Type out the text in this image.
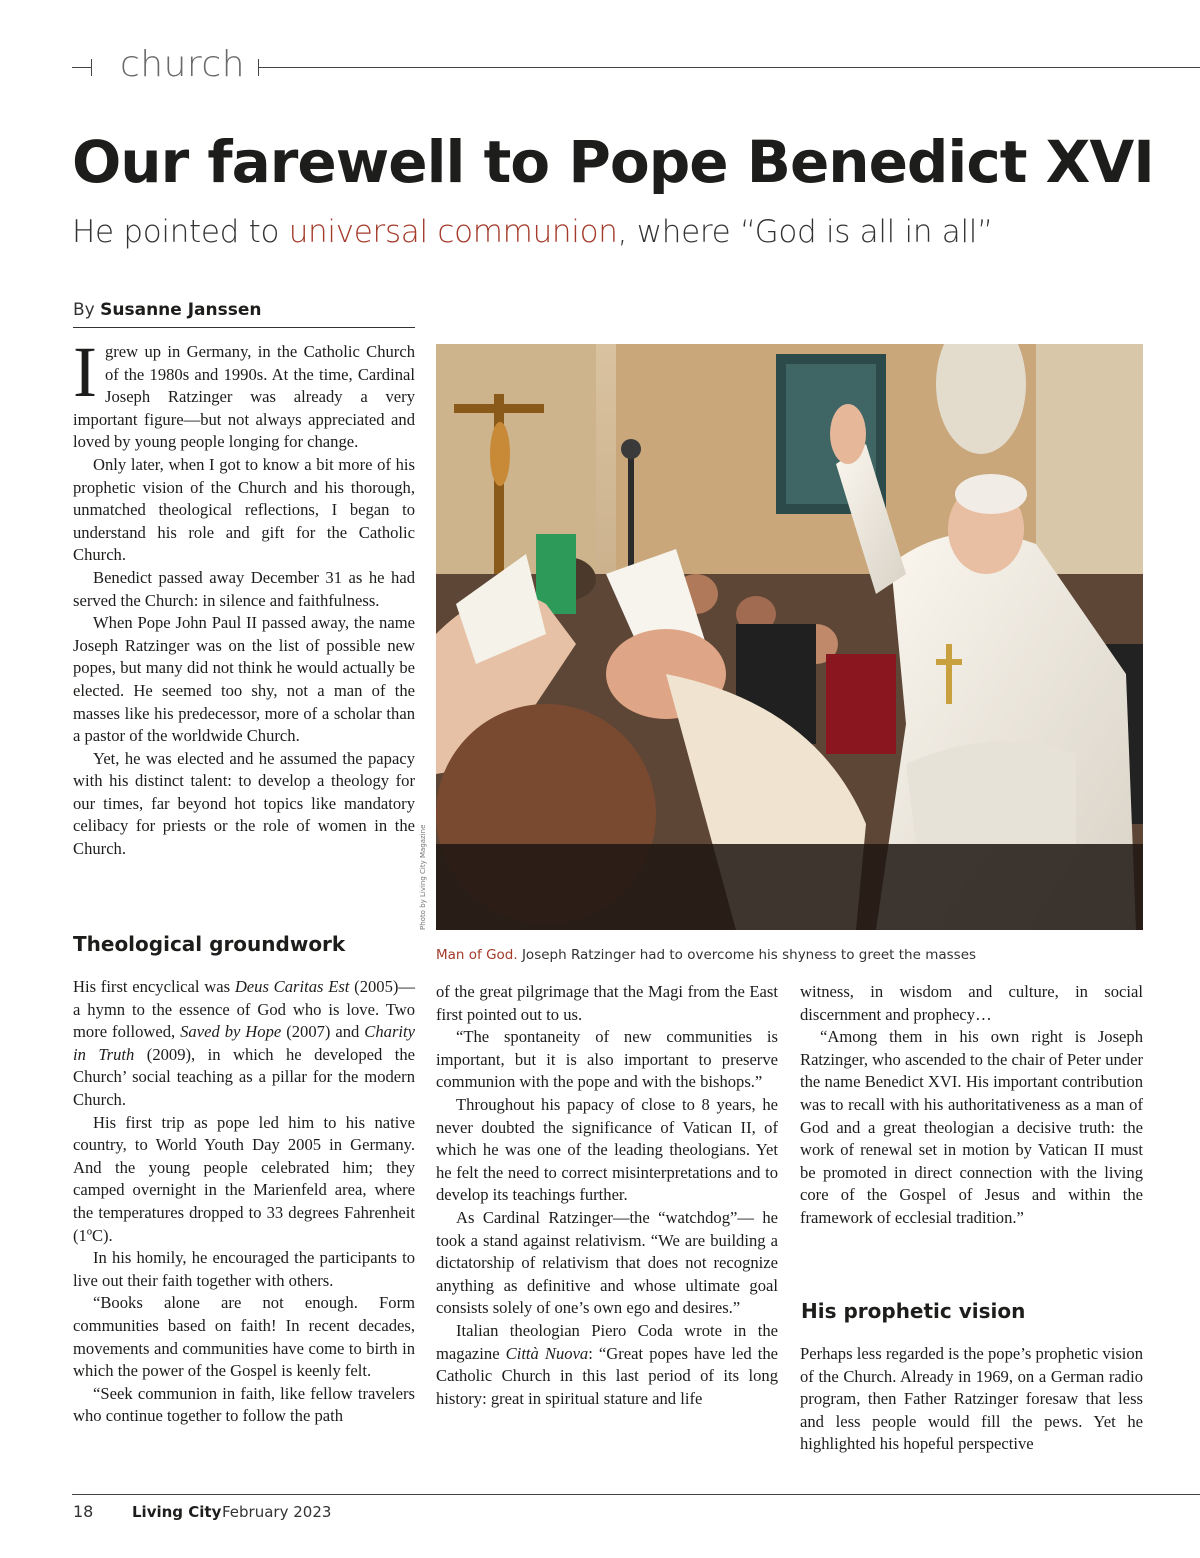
church
Our farewell to Pope Benedict XVI
He pointed to universal communion, where “God is all in all”
By Susanne Janssen

Igrew up in Germany, in the Catholic Church of the 1980s and 1990s. At the time, Cardinal Joseph Ratzinger was already a very important figure—but not always appreciated and loved by young people longing for change.

Only later, when I got to know a bit more of his prophetic vision of the Church and his thorough, unmatched theological reflections, I began to understand his role and gift for the Catholic Church.

Benedict passed away December 31 as he had served the Church: in silence and faithfulness.

When Pope John Paul II passed away, the name Joseph Ratzinger was on the list of possible new popes, but many did not think he would actually be elected. He seemed too shy, not a man of the masses like his predecessor, more of a scholar than a pastor of the worldwide Church.

Yet, he was elected and he assumed the papacy with his distinct talent: to develop a theology for our times, far beyond hot topics like mandatory celibacy for priests or the role of women in the Church.	Photo by Living City Magazine
Man of God. Joseph Ratzinger had to overcome his shyness to greet the masses
Theological groundwork

His first encyclical was Deus Caritas Est (2005)—a hymn to the essence of God who is love. Two more followed, Saved by Hope (2007) and Charity in Truth (2009), in which he developed the Church’ social teaching as a pillar for the modern Church.

His first trip as pope led him to his native country, to World Youth Day 2005 in Germany. And the young people celebrated him; they camped overnight in the Marienfeld area, where the temperatures dropped to 33 degrees Fahrenheit (1ºC).

In his homily, he encouraged the participants to live out their faith together with others.

“Books alone are not enough. Form communities based on faith! In recent decades, movements and communities have come to birth in which the power of the Gospel is keenly felt.

“Seek communion in faith, like fellow travelers who continue together to follow the path

of the great pilgrimage that the Magi from the East first pointed out to us.

“The spontaneity of new communities is important, but it is also important to preserve communion with the pope and with the bishops.”

Throughout his papacy of close to 8 years, he never doubted the significance of Vatican II, of which he was one of the leading theologians. Yet he felt the need to correct misinterpretations and to develop its teachings further.

As Cardinal Ratzinger—the “watchdog”— he took a stand against relativism. “We are building a dictatorship of relativism that does not recognize anything as definitive and whose ultimate goal consists solely of one’s own ego and desires.”

Italian theologian Piero Coda wrote in the magazine Città Nuova: “Great popes have led the Catholic Church in this last period of its long history: great in spiritual stature and life

witness, in wisdom and culture, in social discernment and prophecy…

“Among them in his own right is Joseph Ratzinger, who ascended to the chair of Peter under the name Benedict XVI. His important contribution was to recall with his authoritativeness as a man of God and a great theologian a decisive truth: the work of renewal set in motion by Vatican II must be promoted in direct connection with the living core of the Gospel of Jesus and within the framework of ecclesial tradition.”

His prophetic vision

Perhaps less regarded is the pope’s prophetic vision of the Church. Already in 1969, on a German radio program, then Father Ratzinger foresaw that less and less people would fill the pews. Yet he highlighted his hopeful perspective

18	Living City February 2023
